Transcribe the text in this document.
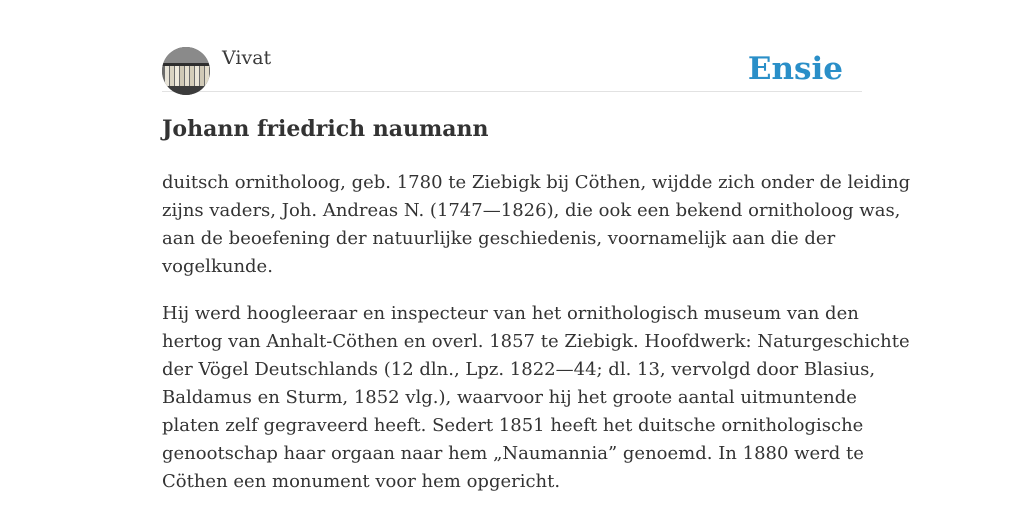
Vivat	Ensie
Johann friedrich naumann

duitsch ornitholoog, geb. 1780 te Ziebigk bij Cöthen, wijdde zich onder de leiding
zijns vaders, Joh. Andreas N. (1747—1826), die ook een bekend ornitholoog was,
aan de beoefening der natuurlijke geschiedenis, voornamelijk aan die der
vogelkunde.

Hij werd hoogleeraar en inspecteur van het ornithologisch museum van den
hertog van Anhalt-Cöthen en overl. 1857 te Ziebigk. Hoofdwerk: Naturgeschichte
der Vögel Deutschlands (12 dln., Lpz. 1822—44; dl. 13, vervolgd door Blasius,
Baldamus en Sturm, 1852 vlg.), waarvoor hij het groote aantal uitmuntende
platen zelf gegraveerd heeft. Sedert 1851 heeft het duitsche ornithologische
genootschap haar orgaan naar hem „Naumannia” genoemd. In 1880 werd te
Cöthen een monument voor hem opgericht.
